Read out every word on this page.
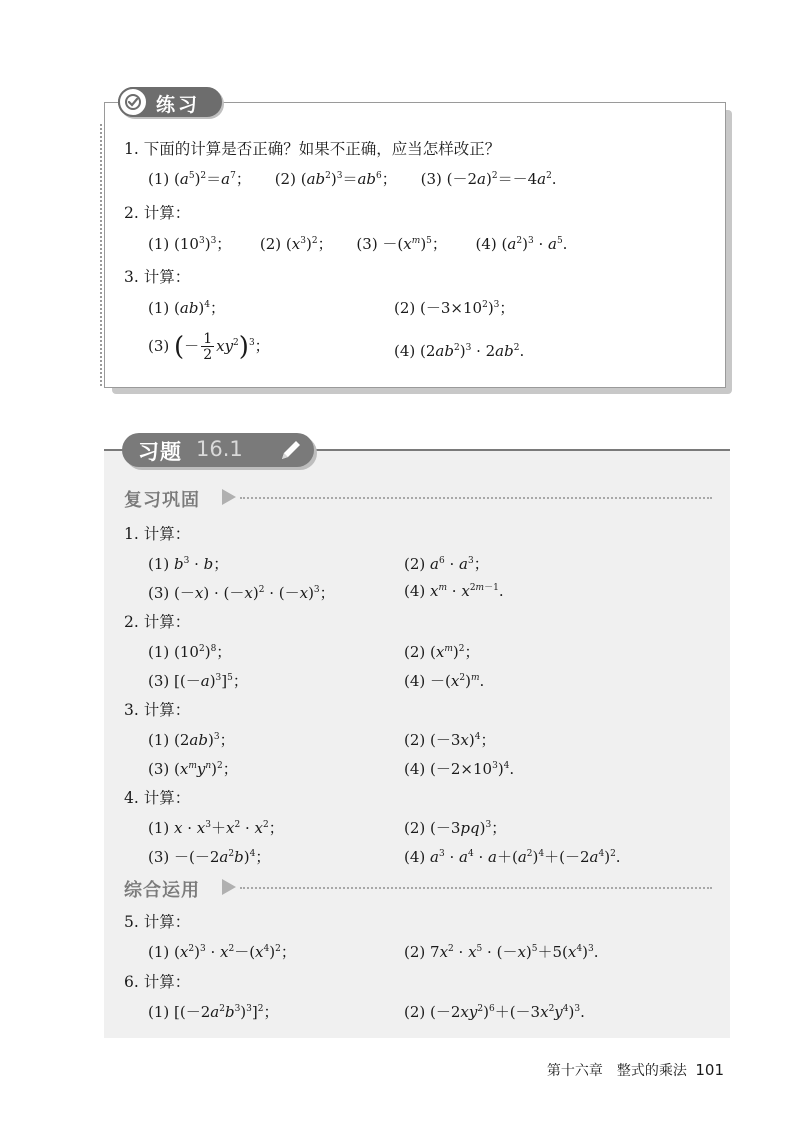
练习
1. 下面的计算是否正确？如果不正确，应当怎样改正？
(1) $(a^5)^2=a^7$；     (2) $(ab^2)^3=ab^6$；     (3) $(-2a)^2=-4a^2$.
2. 计算：
(1) $(10^3)^3$；      (2) $(x^3)^2$；     $(3) -(x^m)^5$；      (4) $(a^2)^3 \cdot a^5$.
3. 计算：
(1) (ab)$^4$；	(2) $(-3\times 10^2)^3$；
(3) (－ $\frac{1}{2} xy^2)^3$；	(4) $(2ab^2)^3 \cdot 2ab^2$.
习题 16.1
复习巩固
1. 计算：
(1) $b^3 \cdot b$；	(2) $a^6 \cdot a^3$；
(3) $(-x) \cdot (-x)^2 \cdot (-x)^3$；	(4) $x^m \cdot x^{2m-1}$.
2. 计算：
(1) $(10^2)^8$；	(2) $(x^m)^2$；
(3) $[(-a)^3]^5$；	$(4) -(x^2)^m$.
3. 计算：
(1) $(2ab)^3$；	(2) $(-3x)^4$；
(3) $(x^my^n)^2$；	(4) $(-2\times 10^3)^4$.
4. 计算：
(1) $x \cdot x^3+x^2 \cdot x^2$；	(2) $(-3pq)^3$；
$(3) -(-2a^2b)^4$；	(4) $a^3 \cdot a^4 \cdot a+(a^2)^4+(-2a^4)^2$.
综合运用
5. 计算：
(1) $(x^2)^3 \cdot x^2-(x^4)^2$；	(2) $7x^2 \cdot x^5 \cdot (-x)^5+5(x^4)^3$.
6. 计算：
(1) $[(-2a^2b^3)^3]^2$；	(2) $(-2xy^2)^6+(-3x^2y^4)^3$.
第十六章　整式的乘法 101
